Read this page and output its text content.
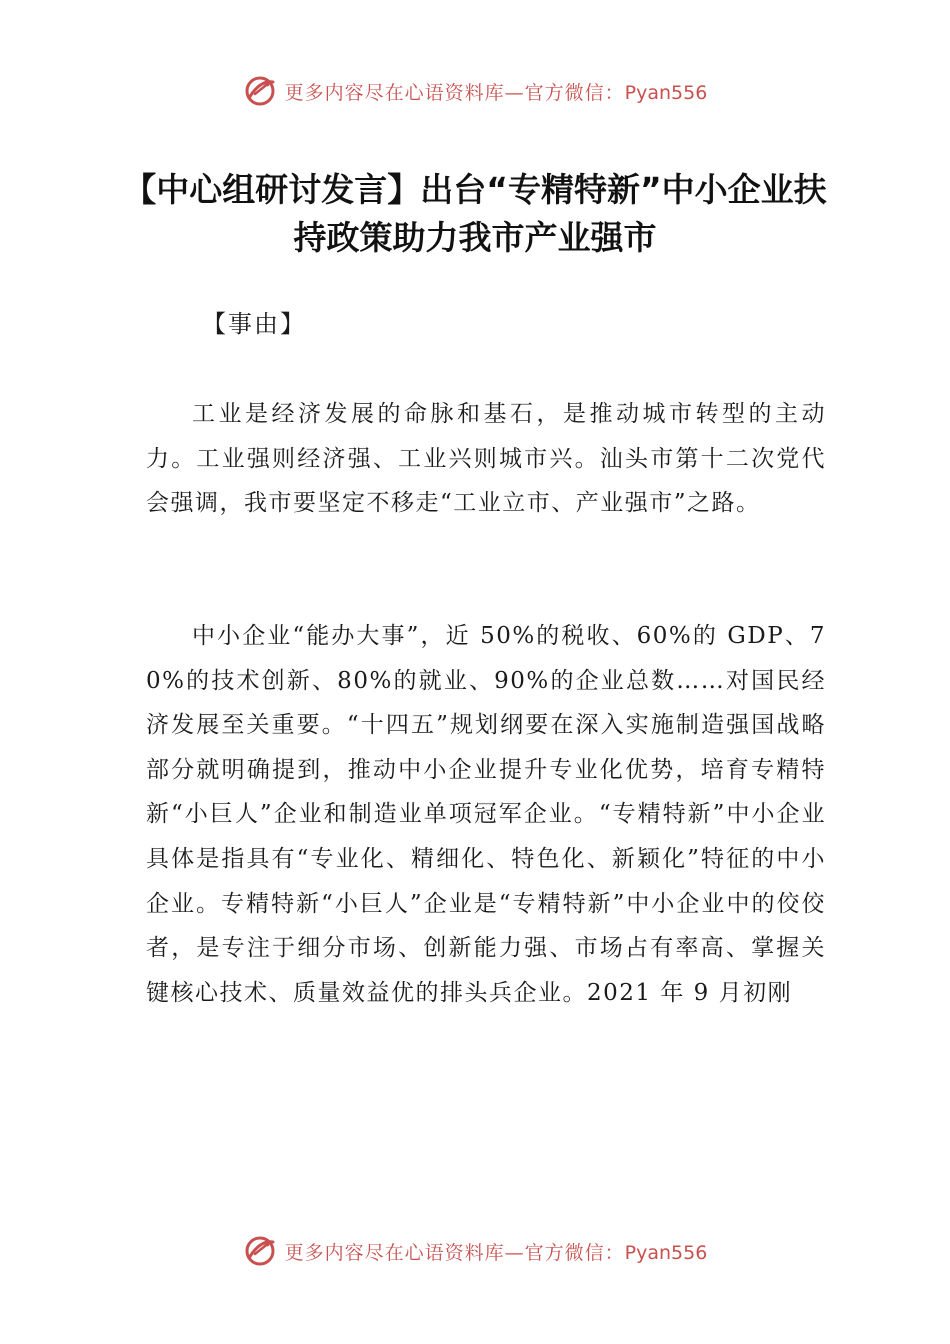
更多内容尽在心语资料库—官方微信：Pyan556
【中心组研讨发言】出台“专精特新”中小企业扶持政策助力我市产业强市

【事由】

工业是经济发展的命脉和基石，是推动城市转型的主动力。工业强则经济强、工业兴则城市兴。汕头市第十二次党代会强调，我市要坚定不移走“工业立市、产业强市”之路。

中小企业“能办大事”，近 50%的税收、60%的 GDP、70%的技术创新、80%的就业、90%的企业总数……对国民经济发展至关重要。“十四五”规划纲要在深入实施制造强国战略部分就明确提到，推动中小企业提升专业化优势，培育专精特新“小巨人”企业和制造业单项冠军企业。“专精特新”中小企业具体是指具有“专业化、精细化、特色化、新颖化”特征的中小企业。专精特新“小巨人”企业是“专精特新”中小企业中的佼佼者，是专注于细分市场、创新能力强、市场占有率高、掌握关键核心技术、质量效益优的排头兵企业。2021 年 9 月初刚

更多内容尽在心语资料库—官方微信：Pyan556
